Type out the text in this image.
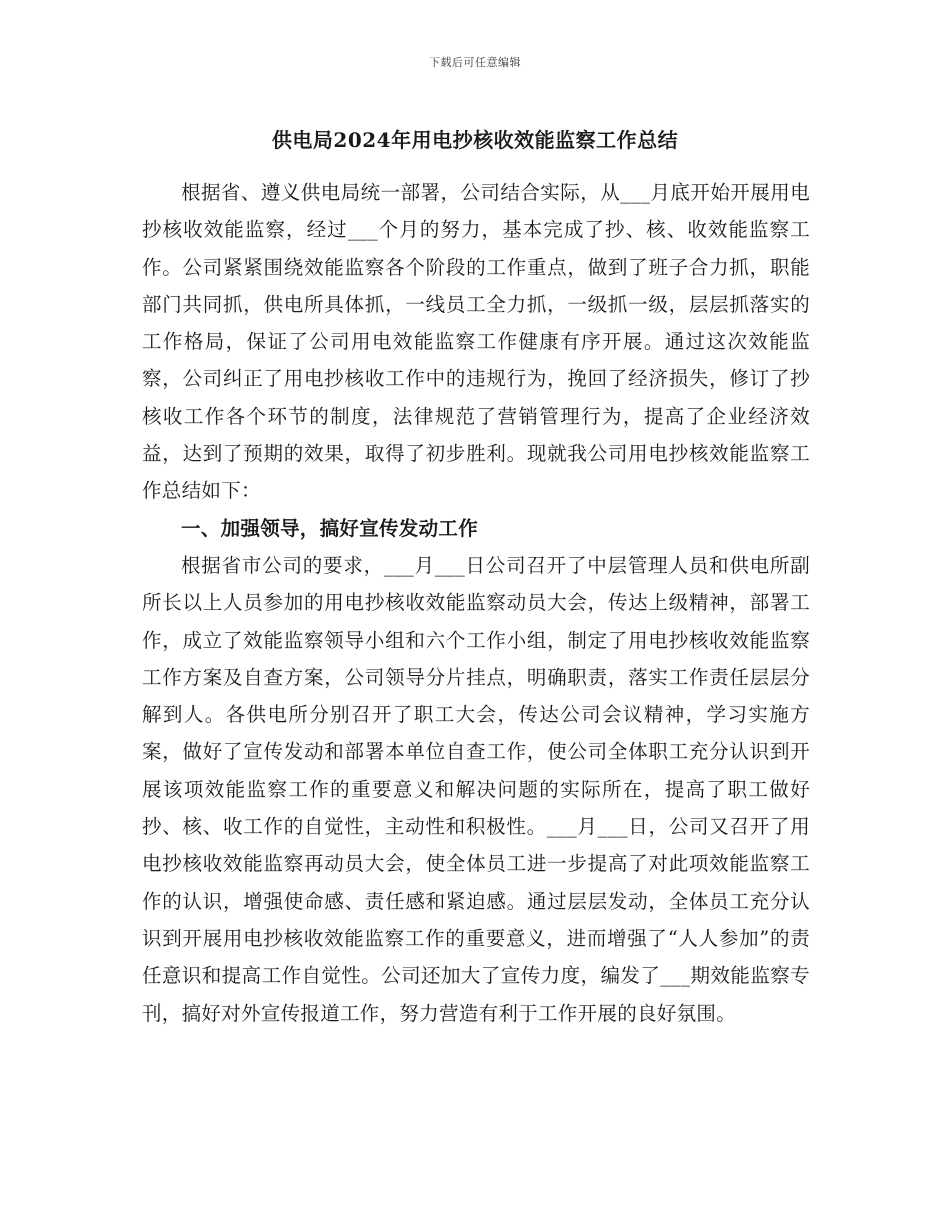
下载后可任意编辑
供电局2024年用电抄核收效能监察工作总结

根据省、遵义供电局统一部署，公司结合实际，从___月底开始开展用电抄核收效能监察，经过___个月的努力，基本完成了抄、核、收效能监察工作。公司紧紧围绕效能监察各个阶段的工作重点，做到了班子合力抓，职能部门共同抓，供电所具体抓，一线员工全力抓，一级抓一级，层层抓落实的工作格局，保证了公司用电效能监察工作健康有序开展。通过这次效能监察，公司纠正了用电抄核收工作中的违规行为，挽回了经济损失，修订了抄核收工作各个环节的制度，法律规范了营销管理行为，提高了企业经济效益，达到了预期的效果，取得了初步胜利。现就我公司用电抄核效能监察工作总结如下：

一、加强领导，搞好宣传发动工作

根据省市公司的要求，___月___日公司召开了中层管理人员和供电所副所长以上人员参加的用电抄核收效能监察动员大会，传达上级精神，部署工作，成立了效能监察领导小组和六个工作小组，制定了用电抄核收效能监察工作方案及自查方案，公司领导分片挂点，明确职责，落实工作责任层层分解到人。各供电所分别召开了职工大会，传达公司会议精神，学习实施方案，做好了宣传发动和部署本单位自查工作，使公司全体职工充分认识到开展该项效能监察工作的重要意义和解决问题的实际所在，提高了职工做好抄、核、收工作的自觉性，主动性和积极性。___月___日，公司又召开了用电抄核收效能监察再动员大会，使全体员工进一步提高了对此项效能监察工作的认识，增强使命感、责任感和紧迫感。通过层层发动，全体员工充分认识到开展用电抄核收效能监察工作的重要意义，进而增强了“人人参加”的责任意识和提高工作自觉性。公司还加大了宣传力度，编发了___期效能监察专刊，搞好对外宣传报道工作，努力营造有利于工作开展的良好氛围。
